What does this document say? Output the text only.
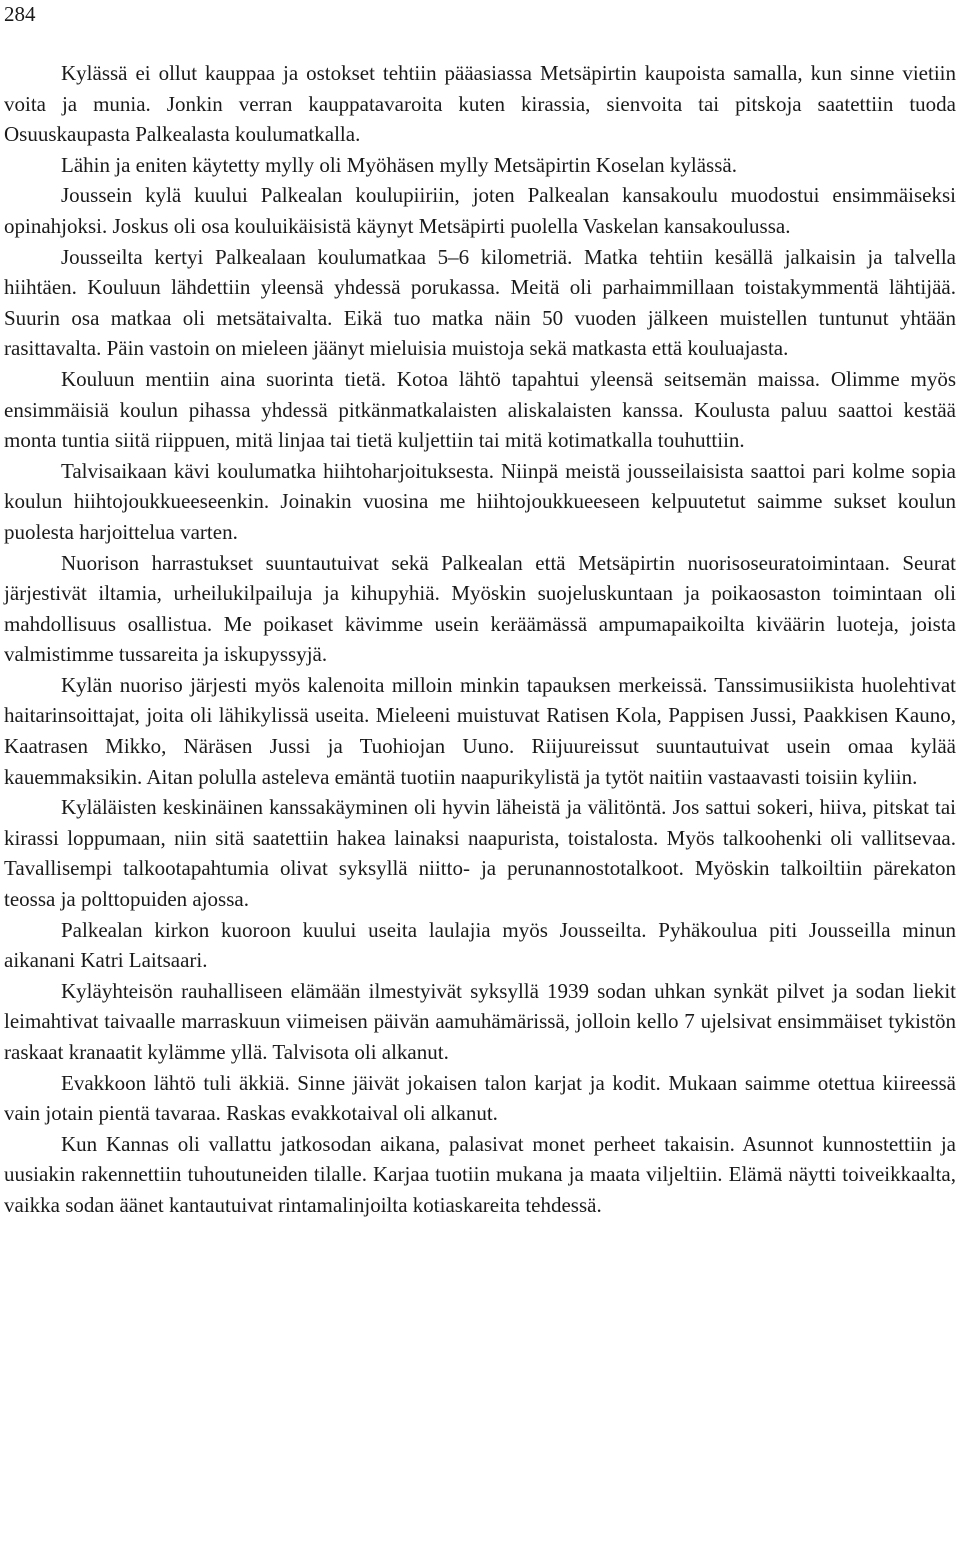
284

Kylässä ei ollut kauppaa ja ostokset tehtiin pääasiassa Metsäpirtin kaupoista samalla, kun sinne vietiin voita ja munia. Jonkin verran kauppatavaroita kuten kirassia, sienvoita tai pitskoja saatettiin tuoda Osuuskaupasta Palkealasta koulumatkalla.

Lähin ja eniten käytetty mylly oli Myöhäsen mylly Metsäpirtin Koselan kylässä.

Joussein kylä kuului Palkealan koulupiiriin, joten Palkealan kansakoulu muodostui ensimmäiseksi opinahjoksi. Joskus oli osa kouluikäisistä käynyt Metsäpirti puolella Vaskelan kansakoulussa.

Jousseilta kertyi Palkealaan koulumatkaa 5–6 kilometriä. Matka tehtiin kesällä jalkaisin ja talvella hiihtäen. Kouluun lähdettiin yleensä yhdessä porukassa. Meitä oli parhaimmillaan toistakymmentä lähtijää. Suurin osa matkaa oli metsätaivalta. Eikä tuo matka näin 50 vuoden jälkeen muistellen tuntunut yhtään rasittavalta. Päin vastoin on mieleen jäänyt mieluisia muistoja sekä matkasta että kouluajasta.

Kouluun mentiin aina suorinta tietä. Kotoa lähtö tapahtui yleensä seitsemän maissa. Olimme myös ensimmäisiä koulun pihassa yhdessä pitkänmatkalaisten aliskalaisten kanssa. Koulusta paluu saattoi kestää monta tuntia siitä riippuen, mitä linjaa tai tietä kuljettiin tai mitä kotimatkalla touhuttiin.

Talvisaikaan kävi koulumatka hiihtoharjoituksesta. Niinpä meistä jousseilaisista saattoi pari kolme sopia koulun hiihtojoukkueeseenkin. Joinakin vuosina me hiihtojoukkueeseen kelpuutetut saimme sukset koulun puolesta harjoittelua varten.

Nuorison harrastukset suuntautuivat sekä Palkealan että Metsäpirtin nuorisoseuratoimintaan. Seurat järjestivät iltamia, urheilukilpailuja ja kihupyhiä. Myöskin suojeluskuntaan ja poikaosaston toimintaan oli mahdollisuus osallistua. Me poikaset kävimme usein keräämässä ampumapaikoilta kiväärin luoteja, joista valmistimme tussareita ja iskupyssyjä.

Kylän nuoriso järjesti myös kalenoita milloin minkin tapauksen merkeissä. Tanssimusiikista huolehtivat haitarinsoittajat, joita oli lähikylissä useita. Mieleeni muistuvat Ratisen Kola, Pappisen Jussi, Paakkisen Kauno, Kaatrasen Mikko, Näräsen Jussi ja Tuohiojan Uuno. Riijuureissut suuntautuivat usein omaa kylää kauemmaksikin. Aitan polulla asteleva emäntä tuotiin naapurikylistä ja tytöt naitiin vastaavasti toisiin kyliin.

Kyläläisten keskinäinen kanssakäyminen oli hyvin läheistä ja välitöntä. Jos sattui sokeri, hiiva, pitskat tai kirassi loppumaan, niin sitä saatettiin hakea lainaksi naapurista, toistalosta. Myös talkoohenki oli vallitsevaa. Tavallisempi talkootapahtumia olivat syksyllä niitto- ja perunannostotalkoot. Myöskin talkoiltiin pärekaton teossa ja polttopuiden ajossa.

Palkealan kirkon kuoroon kuului useita laulajia myös Jousseilta. Pyhäkoulua piti Jousseilla minun aikanani Katri Laitsaari.

Kyläyhteisön rauhalliseen elämään ilmestyivät syksyllä 1939 sodan uhkan synkät pilvet ja sodan liekit leimahtivat taivaalle marraskuun viimeisen päivän aamuhämärissä, jolloin kello 7 ujelsivat ensimmäiset tykistön raskaat kranaatit kylämme yllä. Talvisota oli alkanut.

Evakkoon lähtö tuli äkkiä. Sinne jäivät jokaisen talon karjat ja kodit. Mukaan saimme otettua kiireessä vain jotain pientä tavaraa. Raskas evakkotaival oli alkanut.

Kun Kannas oli vallattu jatkosodan aikana, palasivat monet perheet takaisin. Asunnot kunnostettiin ja uusiakin rakennettiin tuhoutuneiden tilalle. Karjaa tuotiin mukana ja maata viljeltiin. Elämä näytti toiveikkaalta, vaikka sodan äänet kantautuivat rintamalinjoilta kotiaskareita tehdessä.
